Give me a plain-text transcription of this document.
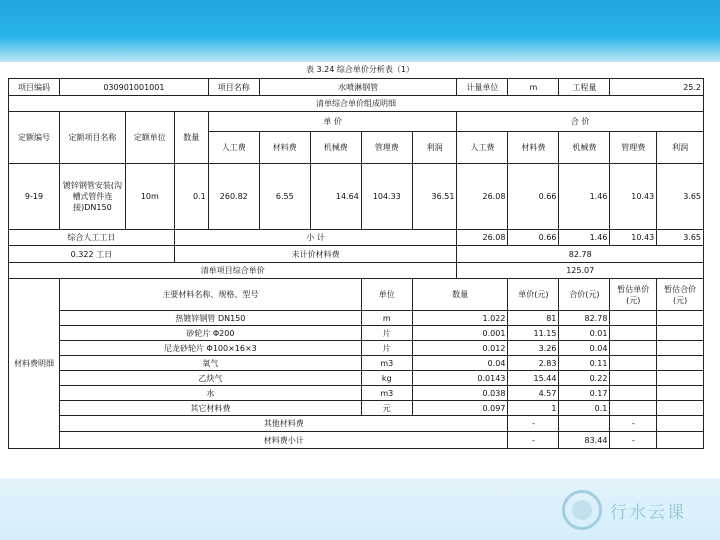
表 3.24 综合单价分析表（1）
项目编码	030901001001			项目名称	水喷淋钢管				计量单位	m	工程量	25.2	
清单综合单价组成明细													
定额编号	定额项目名称	定额单位	数量	单 价					合 价				
				人工费	材料费	机械费	管理费	利润	人工费	材料费	机械费	管理费	利润
9-19	镀锌钢管安装(沟槽式管件连接)DN150	10m	0.1	260.82	6.55	14.64	104.33	36.51	26.08	0.66	1.46	10.43	3.65
综合人工工日			小 计						26.08	0.66	1.46	10.43	3.65
0.322 工日			未计价材料费						82.78				
清单项目综合单价									125.07				
材料费明细	主要材料名称、规格、型号						单位	数量		单价(元)	合价(元)	暂估单价(元)	暂估合价(元)
	热镀锌钢管 DN150						m	1.022		81	82.78		
	砂轮片 Φ200						片	0.001		11.15	0.01		
	尼龙砂轮片 Φ100×16×3						片	0.012		3.26	0.04		
	氧气						m3	0.04		2.83	0.11		
	乙炔气						kg	0.0143		15.44	0.22		
	水						m3	0.038		4.57	0.17		
	其它材料费						元	0.097		1	0.1		
	其他材料费									-		-	
	材料费小计									-	83.44	-	
行水云课
